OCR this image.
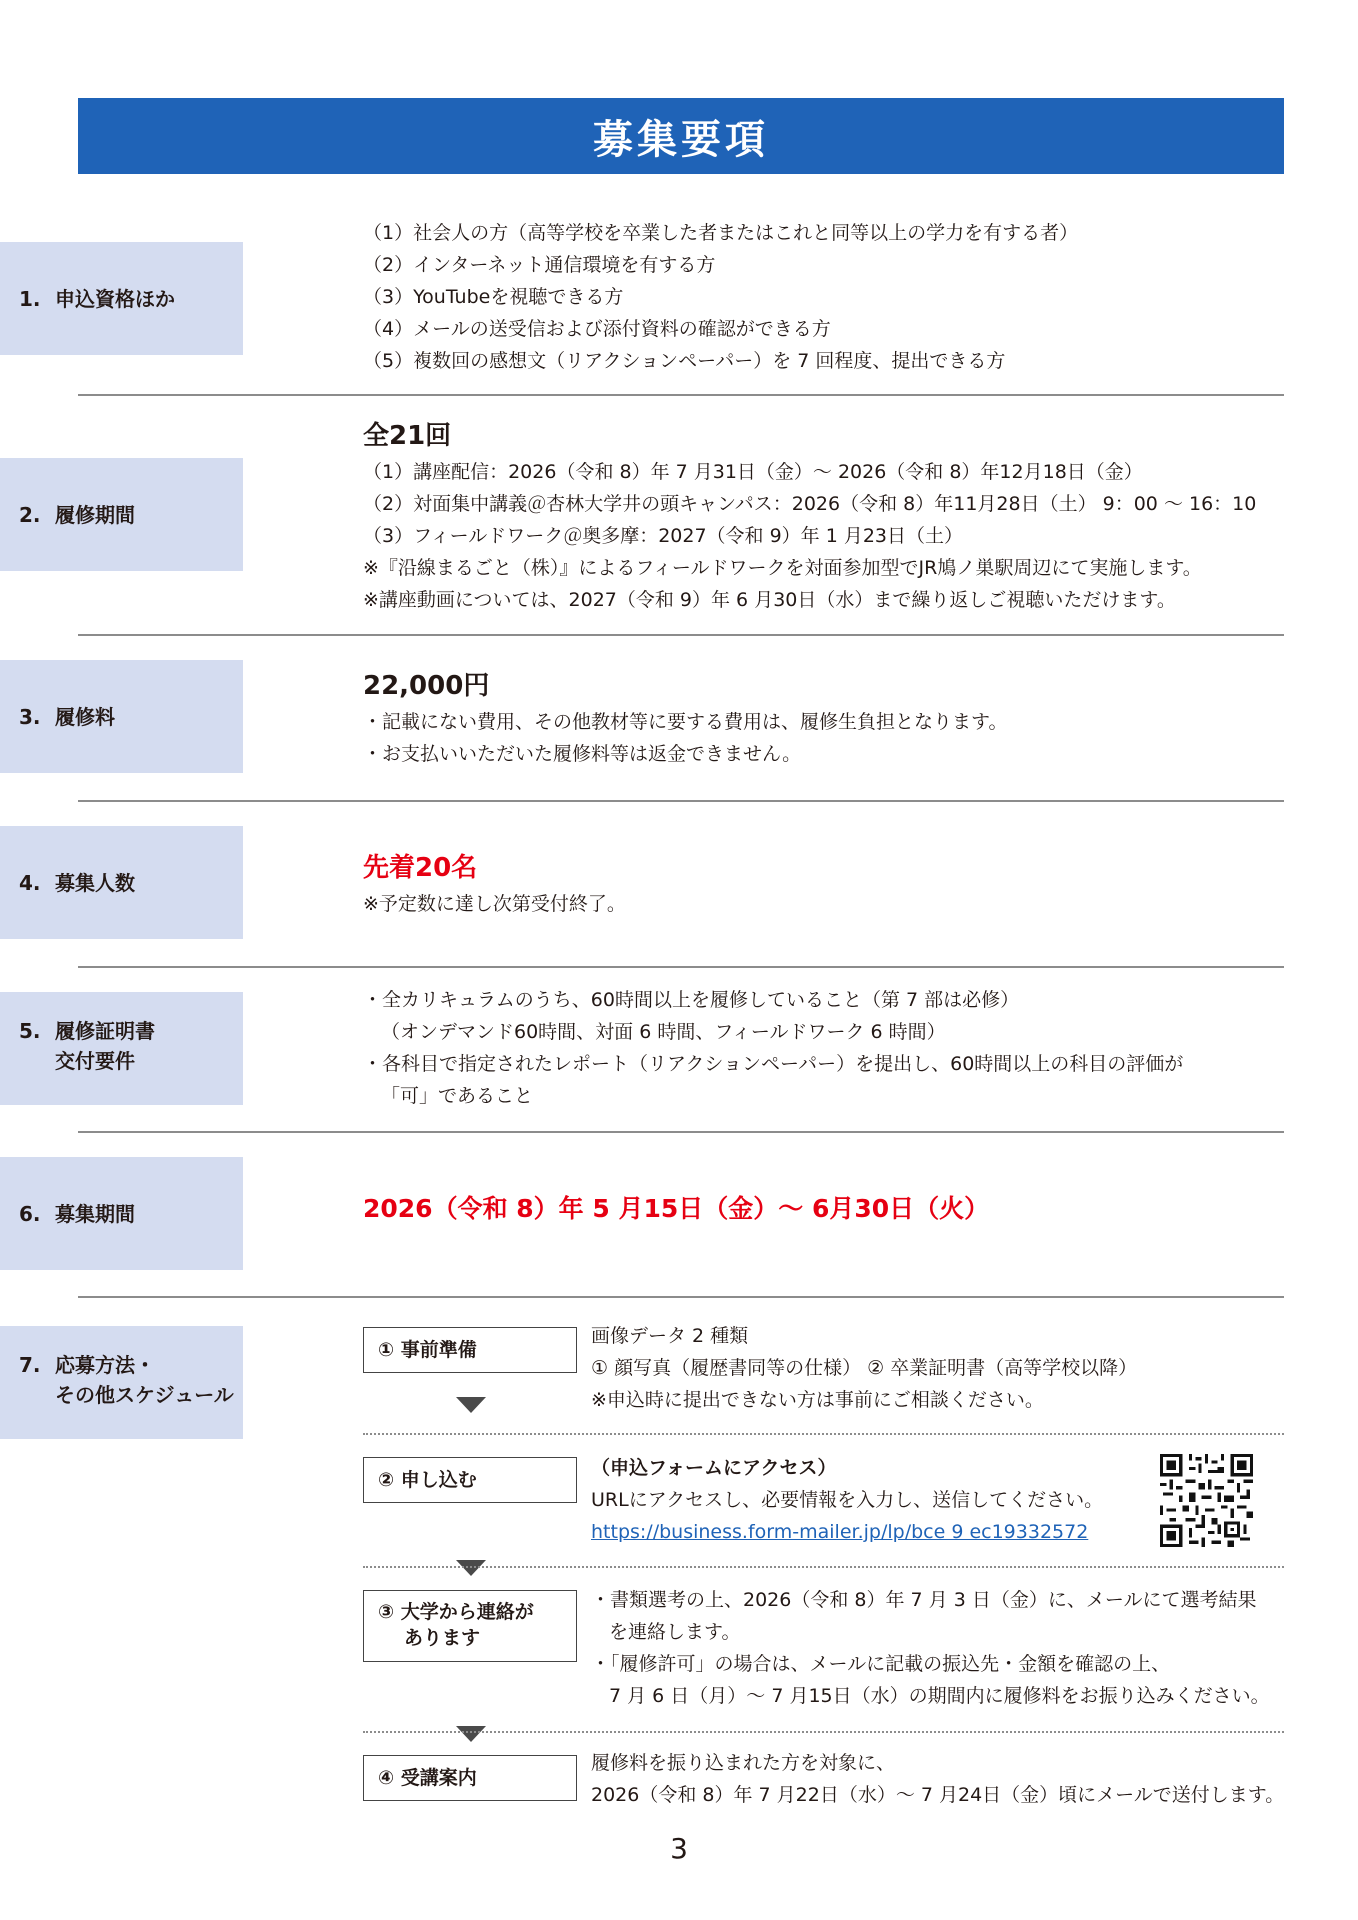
募集要項
1. 申込資格ほか
（1）社会人の方（高等学校を卒業した者またはこれと同等以上の学力を有する者）
（2）インターネット通信環境を有する方
（3）YouTubeを視聴できる方
（4）メールの送受信および添付資料の確認ができる方
（5）複数回の感想文（リアクションペーパー）を 7 回程度、提出できる方
2. 履修期間
全21回
（1）講座配信：2026（令和 8）年 7 月31日（金）～ 2026（令和 8）年12月18日（金）
（2）対面集中講義＠杏林大学井の頭キャンパス：2026（令和 8）年11月28日（土） 9：00 ～ 16：10
（3）フィールドワーク＠奥多摩：2027（令和 9）年 1 月23日（土）
※『沿線まるごと（株）』によるフィールドワークを対面参加型でJR鳩ノ巣駅周辺にて実施します。
※講座動画については、2027（令和 9）年 6 月30日（水）まで繰り返しご視聴いただけます。
3. 履修料
22,000円
・記載にない費用、その他教材等に要する費用は、履修生負担となります。
・お支払いいただいた履修料等は返金できません。
4. 募集人数	先着20名
※予定数に達し次第受付終了。
5. 履修証明書
交付要件
・全カリキュラムのうち、60時間以上を履修していること（第 7 部は必修）
（オンデマンド60時間、対面 6 時間、フィールドワーク 6 時間）
・各科目で指定されたレポート（リアクションペーパー）を提出し、60時間以上の科目の評価が
「可」であること
6. 募集期間	2026（令和 8）年 5 月15日（金）～ 6月30日（火）
7. 応募方法・
その他スケジュール
① 事前準備
画像データ 2 種類
① 顔写真（履歴書同等の仕様） ② 卒業証明書（高等学校以降）
※申込時に提出できない方は事前にご相談ください。
② 申し込む
（申込フォームにアクセス）
URLにアクセスし、必要情報を入力し、送信してください。
https://business.form-mailer.jp/lp/bce 9 ec19332572
③ 大学から連絡が
あります
・書類選考の上、2026（令和 8）年 7 月 3 日（金）に、メールにて選考結果
を連絡します。
・「履修許可」の場合は、メールに記載の振込先・金額を確認の上、
7 月 6 日（月）～ 7 月15日（水）の期間内に履修料をお振り込みください。
④ 受講案内
履修料を振り込まれた方を対象に、
2026（令和 8）年 7 月22日（水）～ 7 月24日（金）頃にメールで送付します。
3
